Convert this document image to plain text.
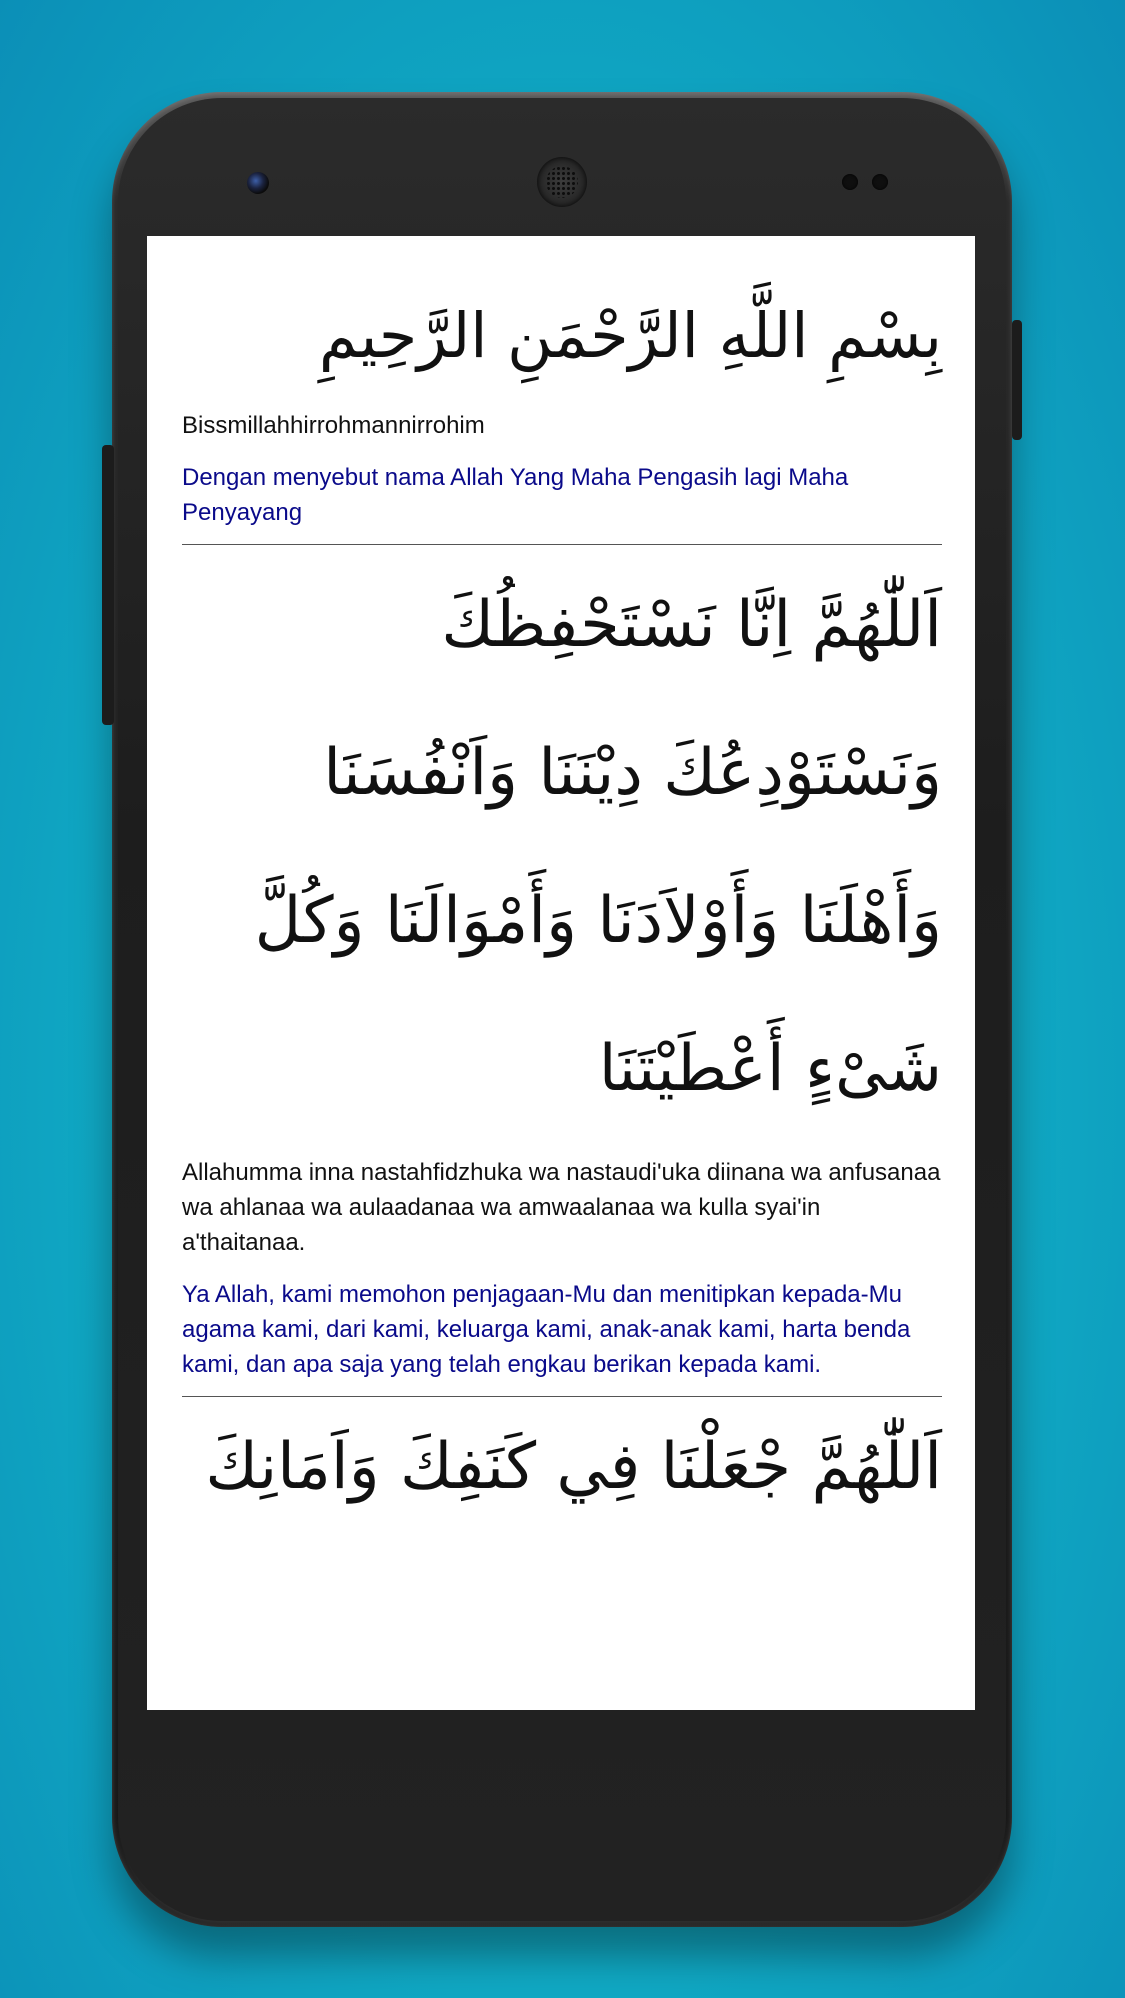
بِسْمِ اللَّهِ الرَّحْمَنِ الرَّحِيمِ

Bissmillahhirrohmannirrohim

Dengan menyebut nama Allah Yang Maha Pengasih lagi Maha Penyayang

اَللّٰهُمَّ اِنَّا نَسْتَحْفِظُكَ

وَنَسْتَوْدِعُكَ دِيْنَنَا وَاَنْفُسَنَا

وَأَهْلَنَا وَأَوْلاَدَنَا وَأَمْوَالَنَا وَكُلَّ

شَىْءٍ أَعْطَيْتَنَا

Allahumma inna nastahfidzhuka wa nastaudi'uka diinana wa anfusanaa wa ahlanaa wa aulaadanaa wa amwaalanaa wa kulla syai'in a'thaitanaa.

Ya Allah, kami memohon penjagaan-Mu dan menitipkan kepada-Mu agama kami, dari kami, keluarga kami, anak-anak kami, harta benda kami, dan apa saja yang telah engkau berikan kepada kami.

اَللّٰهُمَّ جْعَلْنَا فِي كَنَفِكَ وَاَمَانِكَ
